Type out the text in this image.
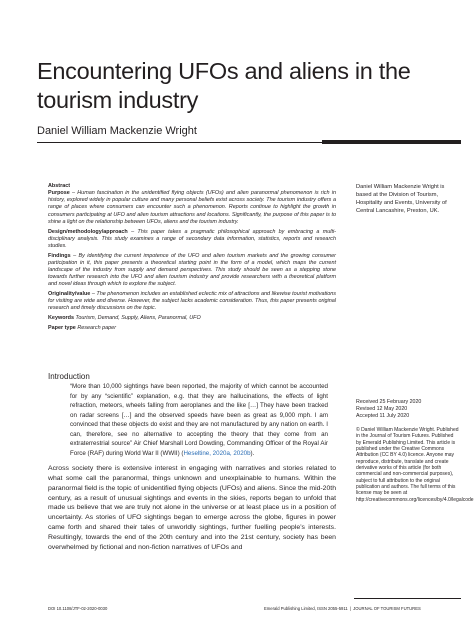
Encountering UFOs and aliens in the tourism industry
Daniel William Mackenzie Wright

Abstract

Purpose – Human fascination in the unidentified flying objects (UFOs) and alien paranormal phenomenon is rich in history, explored widely in popular culture and many personal beliefs exist across society. The tourism industry offers a range of places where consumers can encounter such a phenomenon. Reports continue to highlight the growth in consumers participating at UFO and alien tourism attractions and locations. Significantly, the purpose of this paper is to shine a light on the relationship between UFOs, aliens and the tourism industry.

Design/methodology/approach – This paper takes a pragmatic philosophical approach by embracing a multi-disciplinary analysis. This study examines a range of secondary data information, statistics, reports and research studies.

Findings – By identifying the current impotence of the UFO and alien tourism markets and the growing consumer participation in it, this paper presents a theoretical starting point in the form of a model, which maps the current landscape of the industry from supply and demand perspectives. This study should be seen as a stepping stone towards further research into the UFO and alien tourism industry and provide researchers with a theoretical platform and novel ideas through which to explore the subject.

Originality/value – The phenomenon includes an established eclectic mix of attractions and likewise tourist motivations for visiting are wide and diverse. However, the subject lacks academic consideration. Thus, this paper presents original research and timely discussions on the topic.

Keywords Tourism, Demand, Supply, Aliens, Paranormal, UFO

Paper type Research paper

Daniel William Mackenzie Wright is based at the Division of Tourism, Hospitality and Events, University of Central Lancashire, Preston, UK.
Received 25 February 2020
Revised 12 May 2020
Accepted 11 July 2020
© Daniel William Mackenzie Wright. Published in the Journal of Tourism Futures. Published by Emerald Publishing Limited. This article is published under the Creative Commons Attribution (CC BY 4.0) licence. Anyone may reproduce, distribute, translate and create derivative works of this article (for both commercial and non-commercial purposes), subject to full attribution to the original publication and authors. The full terms of this license may be seen at http://creativecommons.org/licences/by/4.0/legalcode
Introduction
“More than 10,000 sightings have been reported, the majority of which cannot be accounted for by any “scientific” explanation, e.g. that they are hallucinations, the effects of light refraction, meteors, wheels falling from aeroplanes and the like […] They have been tracked on radar screens […] and the observed speeds have been as great as 9,000 mph. I am convinced that these objects do exist and they are not manufactured by any nation on earth. I can, therefore, see no alternative to accepting the theory that they come from an extraterrestrial source” Air Chief Marshall Lord Dowding, Commanding Officer of the Royal Air Force (RAF) during World War II (WWII) (Heseltine, 2020a, 2020b).
Across society there is extensive interest in engaging with narratives and stories related to what some call the paranormal, things unknown and unexplainable to humans. Within the paranormal field is the topic of unidentified flying objects (UFOs) and aliens. Since the mid-20th century, as a result of unusual sightings and events in the skies, reports began to unfold that made us believe that we are truly not alone in the universe or at least place us in a position of uncertainty. As stories of UFO sightings began to emerge across the globe, figures in power came forth and shared their tales of unworldly sightings, further fuelling people’s interests. Resultingly, towards the end of the 20th century and into the 21st century, society has been overwhelmed by fictional and non-fiction narratives of UFOs and
DOI 10.1108/JTF-02-2020-0030	Emerald Publishing Limited, ISSN 2055-5911 | JOURNAL OF TOURISM FUTURES
